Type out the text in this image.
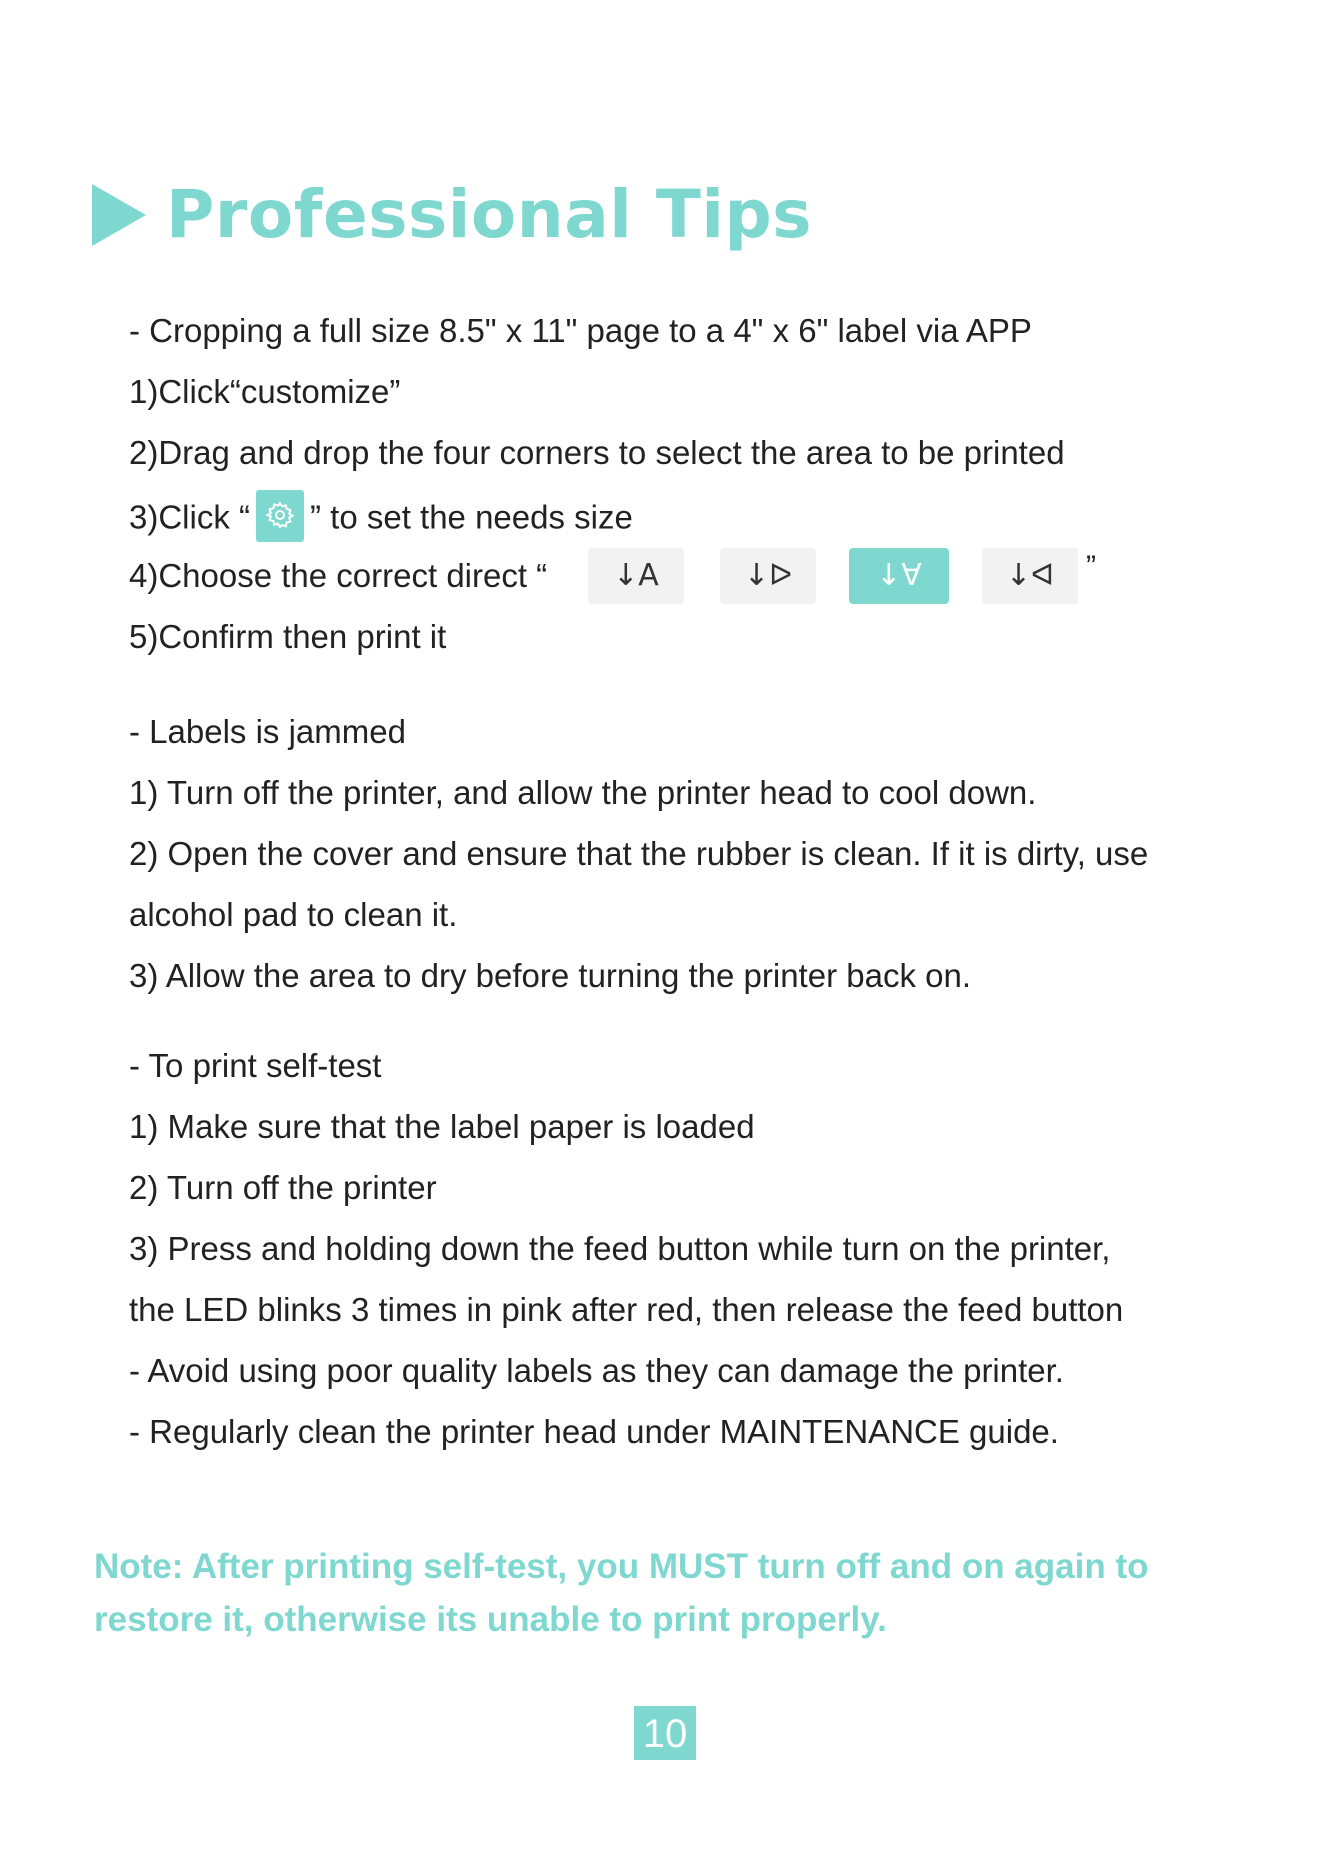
Professional Tips
- Cropping a full size 8.5" x 11" page to a 4" x 6" label via APP
1)Click“customize”
2)Drag and drop the four corners to select the area to be printed
3)Click “ ” to set the needs size
4)Choose the correct direct “	↓A	↓ᐅ	↓∀	↓ᐊ	”
5)Confirm then print it
- Labels is jammed
1) Turn off the printer, and allow the printer head to cool down.
2) Open the cover and ensure that the rubber is clean. If it is dirty, use
alcohol pad to clean it.
3) Allow the area to dry before turning the printer back on.
- To print self-test
1) Make sure that the label paper is loaded
2) Turn off the printer
3) Press and holding down the feed button while turn on the printer,
the LED blinks 3 times in pink after red, then release the feed button
- Avoid using poor quality labels as they can damage the printer.
- Regularly clean the printer head under MAINTENANCE guide.
Note: After printing self-test, you MUST turn off and on again to restore it, otherwise its unable to print properly.
10
